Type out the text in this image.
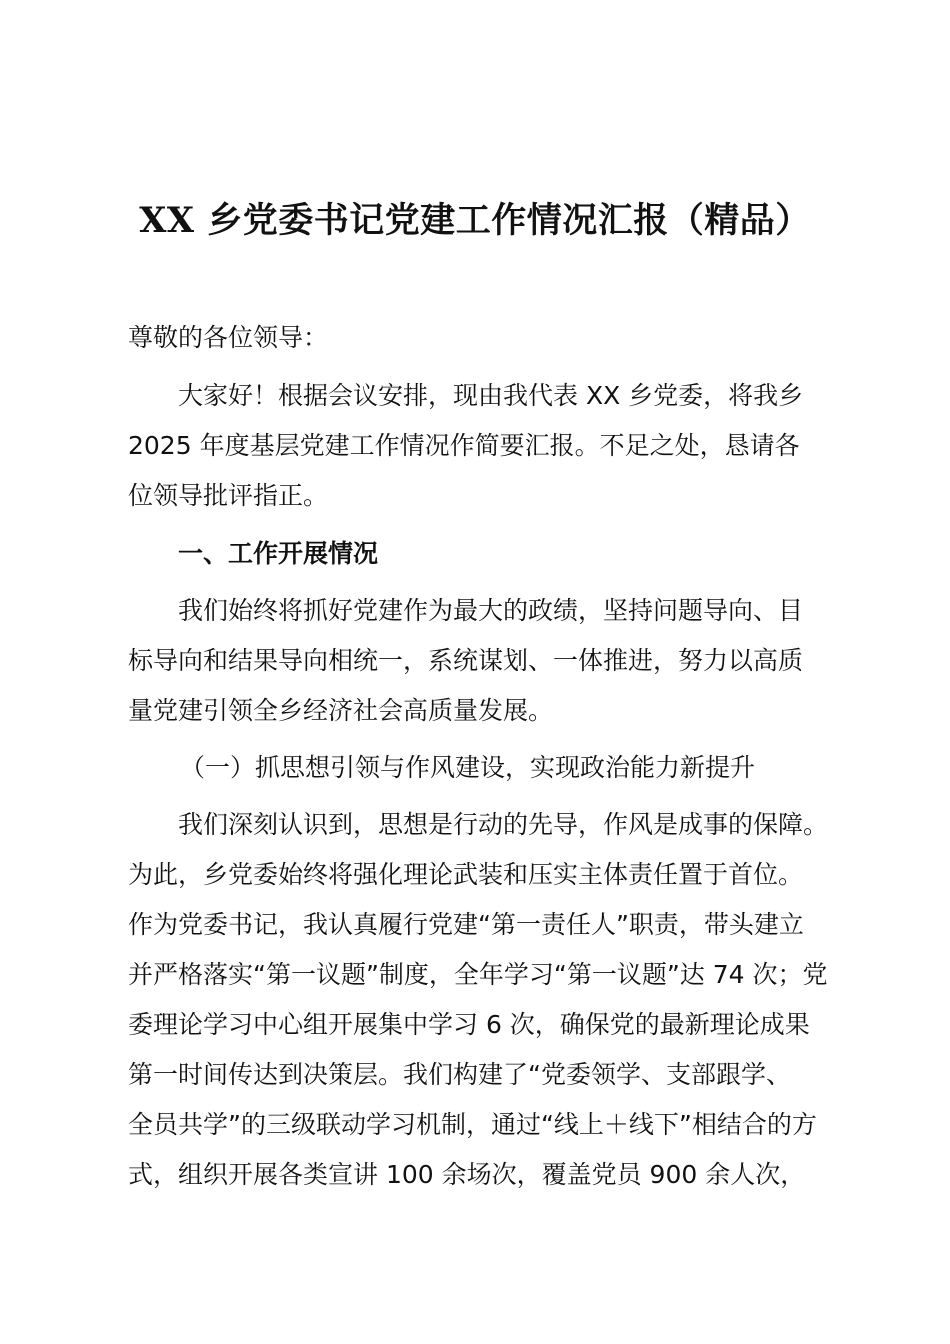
XX 乡党委书记党建工作情况汇报（精品）

尊敬的各位领导：

大家好！根据会议安排，现由我代表 XX 乡党委，将我乡

2025 年度基层党建工作情况作简要汇报。不足之处，恳请各

位领导批评指正。

一、工作开展情况

我们始终将抓好党建作为最大的政绩，坚持问题导向、目

标导向和结果导向相统一，系统谋划、一体推进，努力以高质

量党建引领全乡经济社会高质量发展。

（一）抓思想引领与作风建设，实现政治能力新提升

我们深刻认识到，思想是行动的先导，作风是成事的保障。

为此，乡党委始终将强化理论武装和压实主体责任置于首位。

作为党委书记，我认真履行党建“第一责任人”职责，带头建立

并严格落实“第一议题”制度，全年学习“第一议题”达 74 次；党

委理论学习中心组开展集中学习 6 次，确保党的最新理论成果

第一时间传达到决策层。我们构建了“党委领学、支部跟学、

全员共学”的三级联动学习机制，通过“线上＋线下”相结合的方

式，组织开展各类宣讲 100 余场次，覆盖党员 900 余人次，
